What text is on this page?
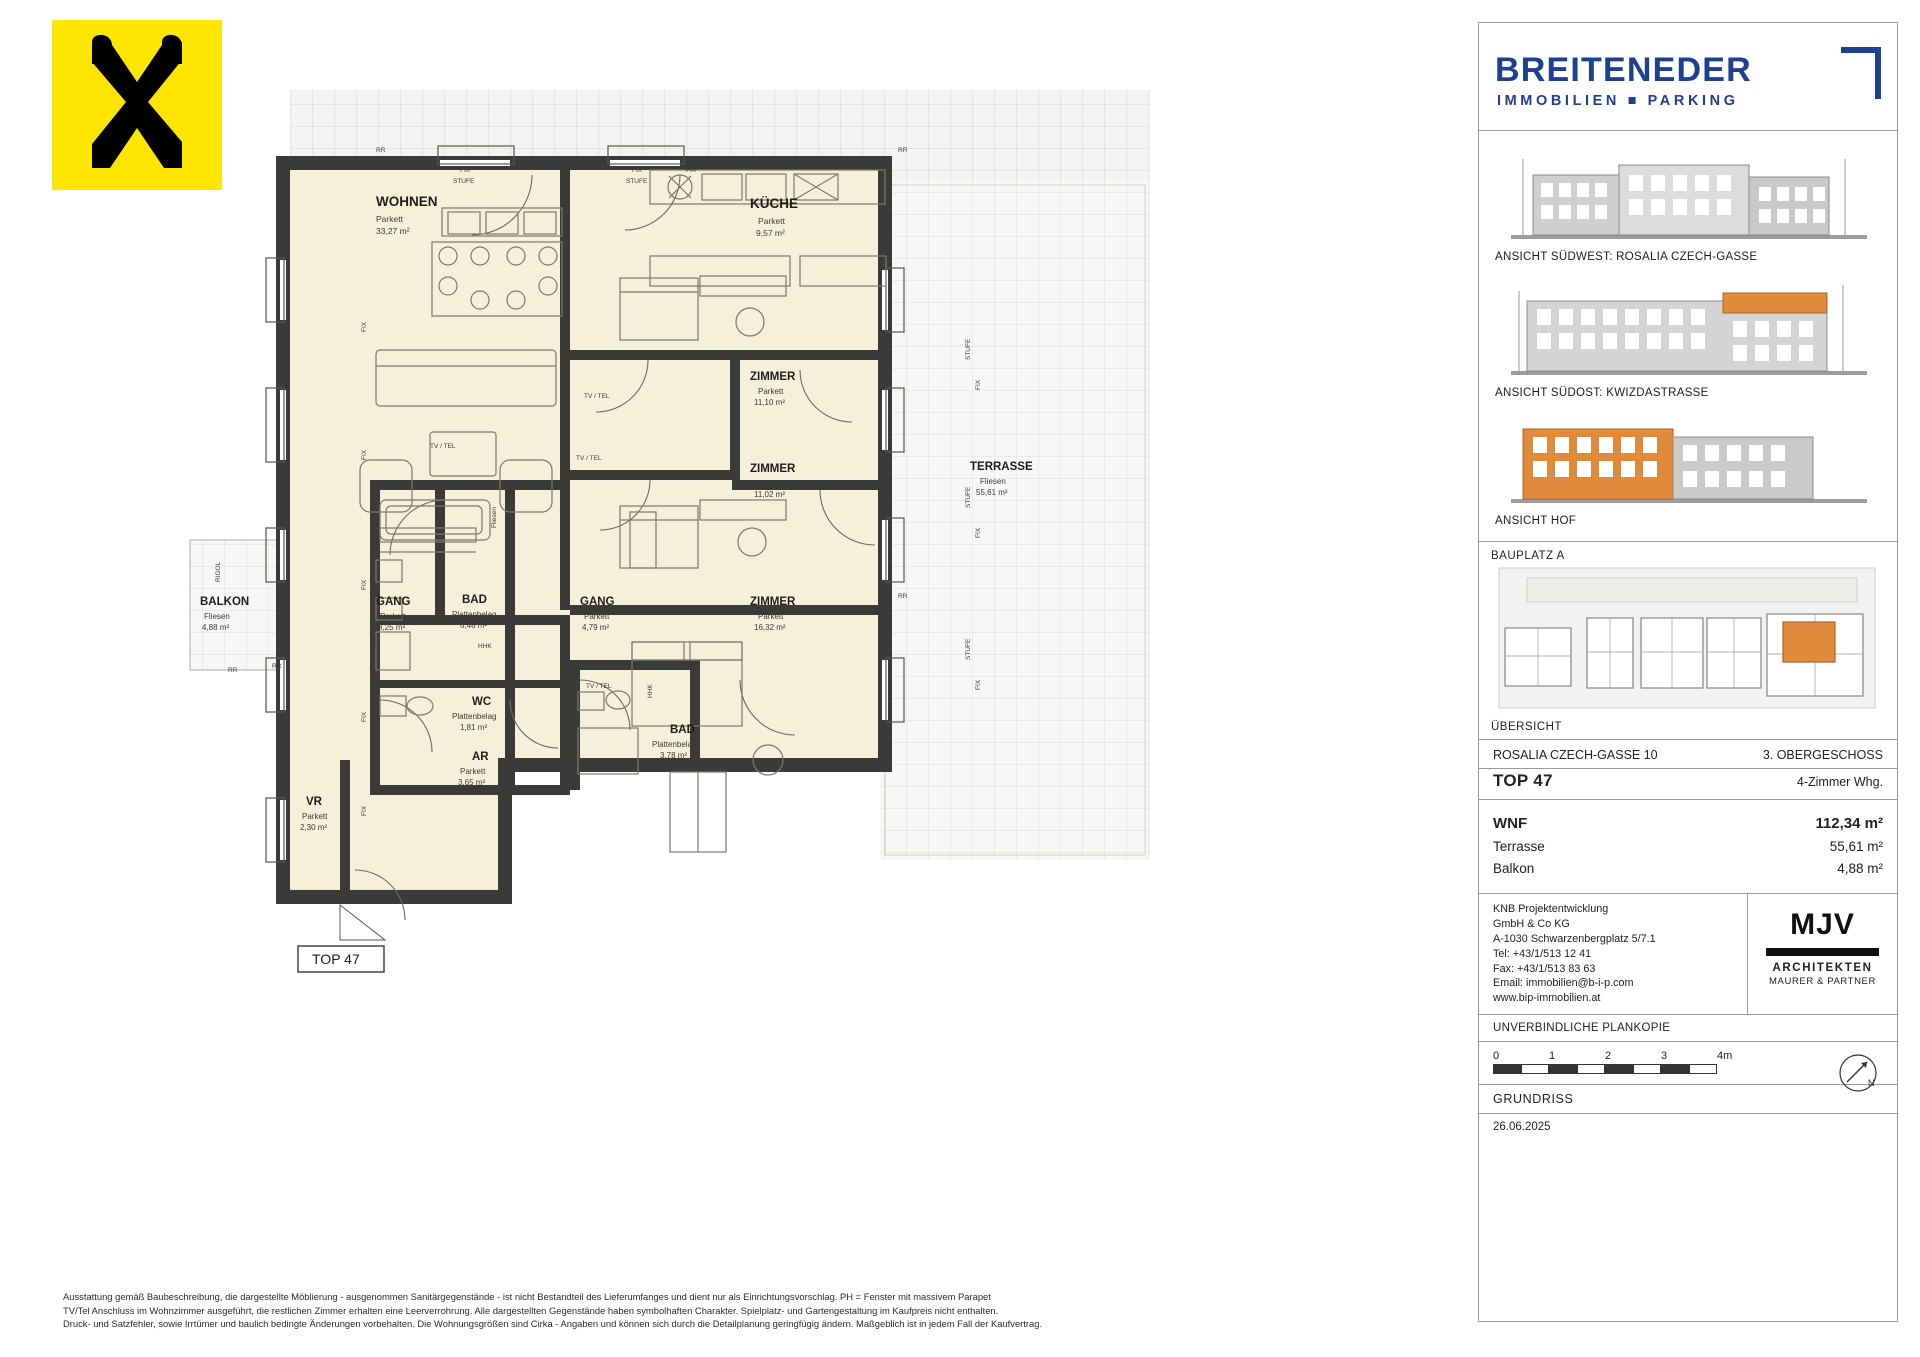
WOHNEN
Parkett
33,27 m²
KÜCHE
Parkett
9,57 m²
ZIMMER
Parkett
11,10 m²
ZIMMER
Parkett
11,02 m²
ZIMMER
Parkett
16,32 m²
TERRASSE
Fliesen
55,61 m²
BALKON
Fliesen
4,88 m²
GANG
Parkett
8,25 m²
BAD
Plattenbelag
6,48 m²
GANG
Parkett
4,79 m²
WC
Plattenbelag
1,81 m²	BAD
Plattenbelag
3,78 m²
AR
Parkett
3,65 m²
VR
Parkett
2,30 m²
FIX
STUFE
FIX
STUFE
FIX
RR	RR
RR
RR
TV / TEL
TV / TEL
TV / TEL
TV / TEL
FIX
FIX
FIX
FIX
FIX
STUFE
FIX
STUFE
FIX
STUFE
FIX
WM	HHK
HHK
RIGOL
RR
Fliesen
TOP 47
Ausstattung gemäß Baubeschreibung, die dargestellte Möblierung - ausgenommen Sanitärgegenstände - ist nicht Bestandteil des Lieferumfanges und dient nur als Einrichtungsvorschlag. PH = Fenster mit massivem Parapet
TV/Tel Anschluss im Wohnzimmer ausgeführt, die restlichen Zimmer erhalten eine Leerverrohrung. Alle dargestellten Gegenstände haben symbolhaften Charakter. Spielplatz- und Gartengestaltung im Kaufpreis nicht enthalten.
Druck- und Satzfehler, sowie Irrtümer und baulich bedingte Änderungen vorbehalten. Die Wohnungsgrößen sind Cirka - Angaben und können sich durch die Detailplanung geringfügig ändern. Maßgeblich ist in jedem Fall der Kaufvertrag.
BREITENEDER
IMMOBILIEN ■ PARKING
ANSICHT SÜDWEST: ROSALIA CZECH-GASSE
ANSICHT SÜDOST: KWIZDASTRASSE
ANSICHT HOF
BAUPLATZ A
ÜBERSICHT
ROSALIA CZECH-GASSE 10	3. OBERGESCHOSS
TOP 47	4-Zimmer Whg.
WNF	112,34 m²
Terrasse	55,61 m²
Balkon	4,88 m²
KNB Projektentwicklung
GmbH & Co KG
A-1030 Schwarzenbergplatz 5/7.1
Tel: +43/1/513 12 41
Fax: +43/1/513 83 63
Email: immobilien@b-i-p.com
www.bip-immobilien.at
MJV
ARCHITEKTEN
MAURER & PARTNER
UNVERBINDLICHE PLANKOPIE
0	1	2	3	4m
N
GRUNDRISS
26.06.2025
